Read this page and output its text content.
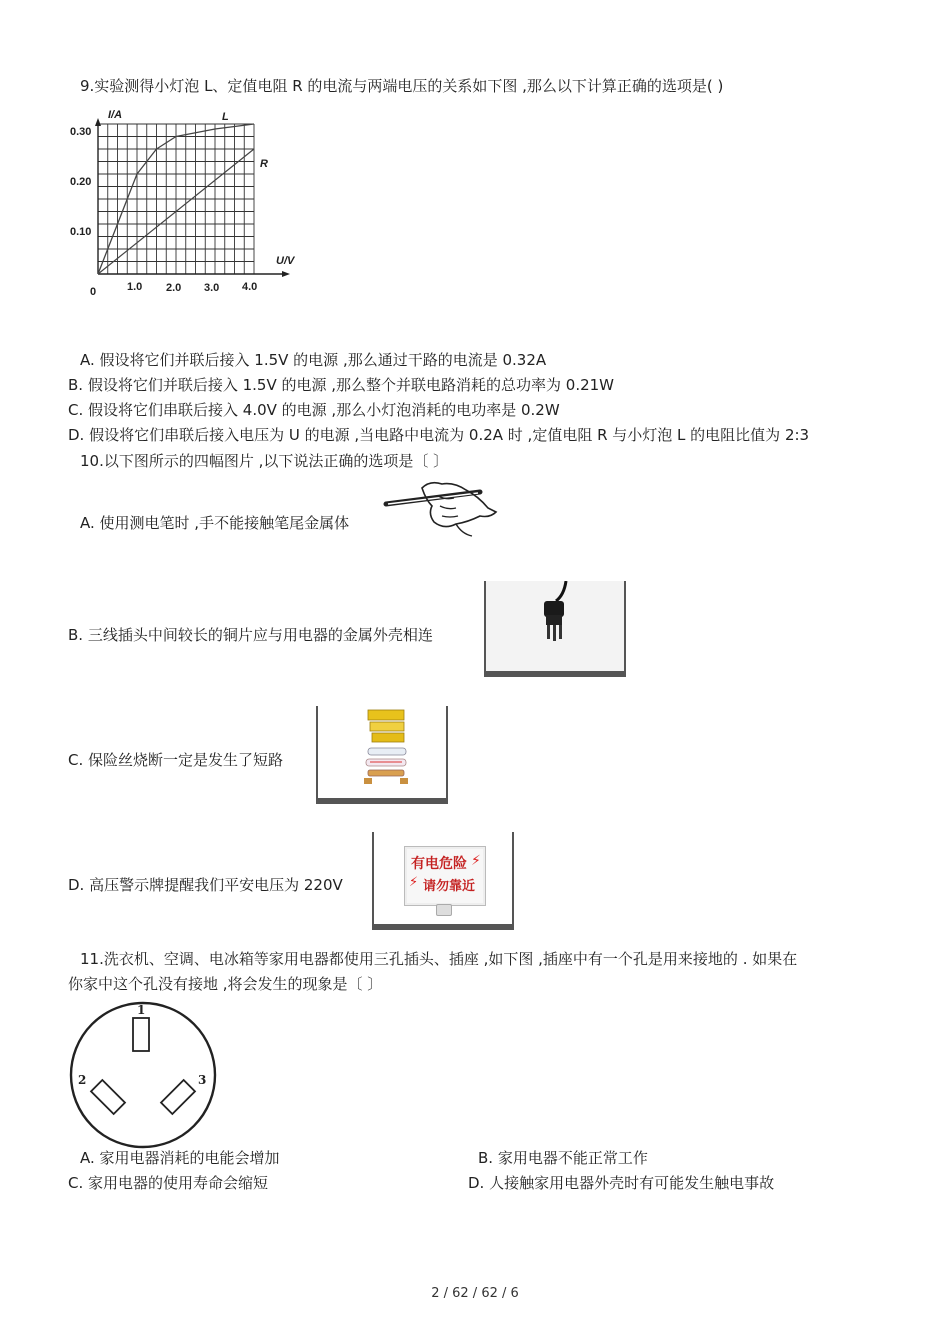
9.实验测得小灯泡 L、定值电阻 R 的电流与两端电压的关系如下图 ,那么以下计算正确的选项是( )
I/A
U/V
L
R
0.30
0.20
0.10
0	1.0 2.0 3.0 4.0
A. 假设将它们并联后接入 1.5V 的电源 ,那么通过干路的电流是 0.32A
B. 假设将它们并联后接入 1.5V 的电源 ,那么整个并联电路消耗的总功率为 0.21W
C. 假设将它们串联后接入 4.0V 的电源 ,那么小灯泡消耗的电功率是 0.2W
D. 假设将它们串联后接入电压为 U 的电源 ,当电路中电流为 0.2A 时 ,定值电阻 R 与小灯泡 L 的电阻比值为 2:3
10.以下图所示的四幅图片 ,以下说法正确的选项是〔 〕
A. 使用测电笔时 ,手不能接触笔尾金属体
B. 三线插头中间较长的铜片应与用电器的金属外壳相连
C. 保险丝烧断一定是发生了短路
D. 高压警示牌提醒我们平安电压为 220V
有电危险
请勿靠近
⚡
⚡
11.洗衣机、空调、电冰箱等家用电器都使用三孔插头、插座 ,如下图 ,插座中有一个孔是用来接地的 . 如果在
你家中这个孔没有接地 ,将会发生的现象是〔 〕
1
2	3
A. 家用电器消耗的电能会增加	B. 家用电器不能正常工作
C. 家用电器的使用寿命会缩短	D. 人接触家用电器外壳时有可能发生触电事故
2 / 62 / 62 / 6
